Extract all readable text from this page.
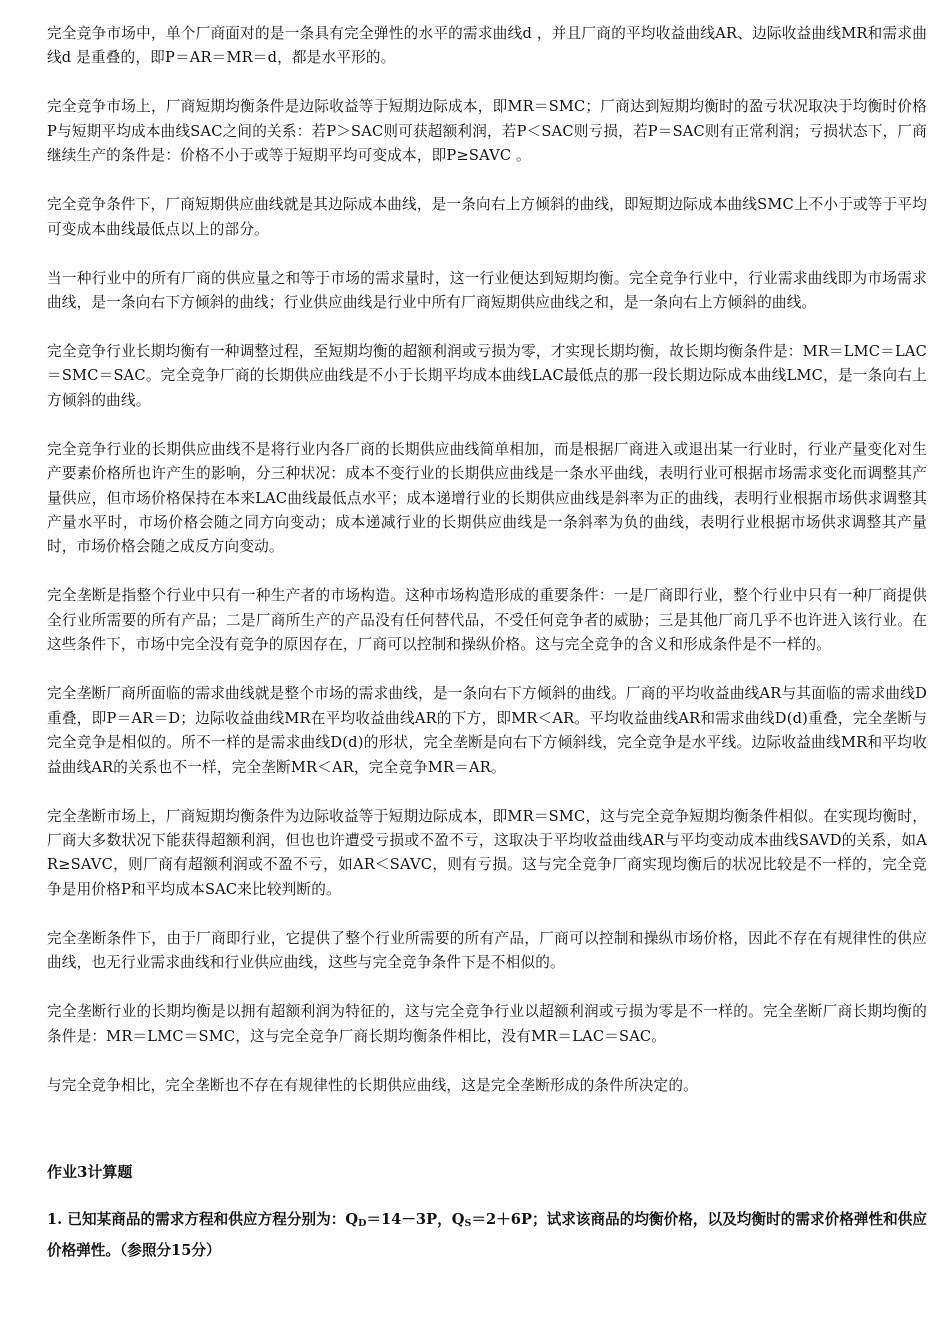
完全竞争市场中，单个厂商面对的是一条具有完全弹性的水平的需求曲线d ，并且厂商的平均收益曲线AR、边际收益曲线MR和需求曲线d 是重叠的，即P＝AR＝MR＝d，都是水平形的。

完全竞争市场上，厂商短期均衡条件是边际收益等于短期边际成本，即MR＝SMC；厂商达到短期均衡时的盈亏状况取决于均衡时价格P与短期平均成本曲线SAC之间的关系：若P＞SAC则可获超额利润，若P＜SAC则亏损，若P＝SAC则有正常利润；亏损状态下，厂商继续生产的条件是：价格不小于或等于短期平均可变成本，即P≥SAVC 。

完全竞争条件下，厂商短期供应曲线就是其边际成本曲线，是一条向右上方倾斜的曲线，即短期边际成本曲线SMC上不小于或等于平均可变成本曲线最低点以上的部分。

当一种行业中的所有厂商的供应量之和等于市场的需求量时，这一行业便达到短期均衡。完全竞争行业中，行业需求曲线即为市场需求曲线，是一条向右下方倾斜的曲线；行业供应曲线是行业中所有厂商短期供应曲线之和，是一条向右上方倾斜的曲线。

完全竞争行业长期均衡有一种调整过程，至短期均衡的超额利润或亏损为零，才实现长期均衡，故长期均衡条件是：MR＝LMC＝LAC＝SMC＝SAC。完全竞争厂商的长期供应曲线是不小于长期平均成本曲线LAC最低点的那一段长期边际成本曲线LMC，是一条向右上方倾斜的曲线。

完全竞争行业的长期供应曲线不是将行业内各厂商的长期供应曲线简单相加，而是根据厂商进入或退出某一行业时，行业产量变化对生产要素价格所也许产生的影响，分三种状况：成本不变行业的长期供应曲线是一条水平曲线，表明行业可根据市场需求变化而调整其产量供应，但市场价格保持在本来LAC曲线最低点水平；成本递增行业的长期供应曲线是斜率为正的曲线，表明行业根据市场供求调整其产量水平时，市场价格会随之同方向变动；成本递减行业的长期供应曲线是一条斜率为负的曲线，表明行业根据市场供求调整其产量时，市场价格会随之成反方向变动。

完全垄断是指整个行业中只有一种生产者的市场构造。这种市场构造形成的重要条件：一是厂商即行业，整个行业中只有一种厂商提供全行业所需要的所有产品；二是厂商所生产的产品没有任何替代品，不受任何竞争者的威胁；三是其他厂商几乎不也许进入该行业。在这些条件下，市场中完全没有竞争的原因存在，厂商可以控制和操纵价格。这与完全竞争的含义和形成条件是不一样的。

完全垄断厂商所面临的需求曲线就是整个市场的需求曲线，是一条向右下方倾斜的曲线。厂商的平均收益曲线AR与其面临的需求曲线D重叠，即P＝AR＝D；边际收益曲线MR在平均收益曲线AR的下方，即MR＜AR。平均收益曲线AR和需求曲线D(d)重叠，完全垄断与完全竞争是相似的。所不一样的是需求曲线D(d)的形状，完全垄断是向右下方倾斜线，完全竞争是水平线。边际收益曲线MR和平均收益曲线AR的关系也不一样，完全垄断MR＜AR，完全竞争MR＝AR。

完全垄断市场上，厂商短期均衡条件为边际收益等于短期边际成本，即MR＝SMC，这与完全竞争短期均衡条件相似。在实现均衡时，厂商大多数状况下能获得超额利润，但也也许遭受亏损或不盈不亏，这取决于平均收益曲线AR与平均变动成本曲线SAVD的关系，如AR≥SAVC，则厂商有超额利润或不盈不亏，如AR＜SAVC，则有亏损。这与完全竞争厂商实现均衡后的状况比较是不一样的，完全竞争是用价格P和平均成本SAC来比较判断的。

完全垄断条件下，由于厂商即行业，它提供了整个行业所需要的所有产品，厂商可以控制和操纵市场价格，因此不存在有规律性的供应曲线，也无行业需求曲线和行业供应曲线，这些与完全竞争条件下是不相似的。

完全垄断行业的长期均衡是以拥有超额利润为特征的，这与完全竞争行业以超额利润或亏损为零是不一样的。完全垄断厂商长期均衡的条件是：MR＝LMC＝SMC，这与完全竞争厂商长期均衡条件相比，没有MR＝LAC＝SAC。

与完全竞争相比，完全垄断也不存在有规律性的长期供应曲线，这是完全垄断形成的条件所决定的。

作业3计算题

1. 已知某商品的需求方程和供应方程分别为：$Q_D=14-3P$，$Q_S=2+6P$；试求该商品的均衡价格，以及均衡时的需求价格弹性和供应价格弹性。（参照分15分）
